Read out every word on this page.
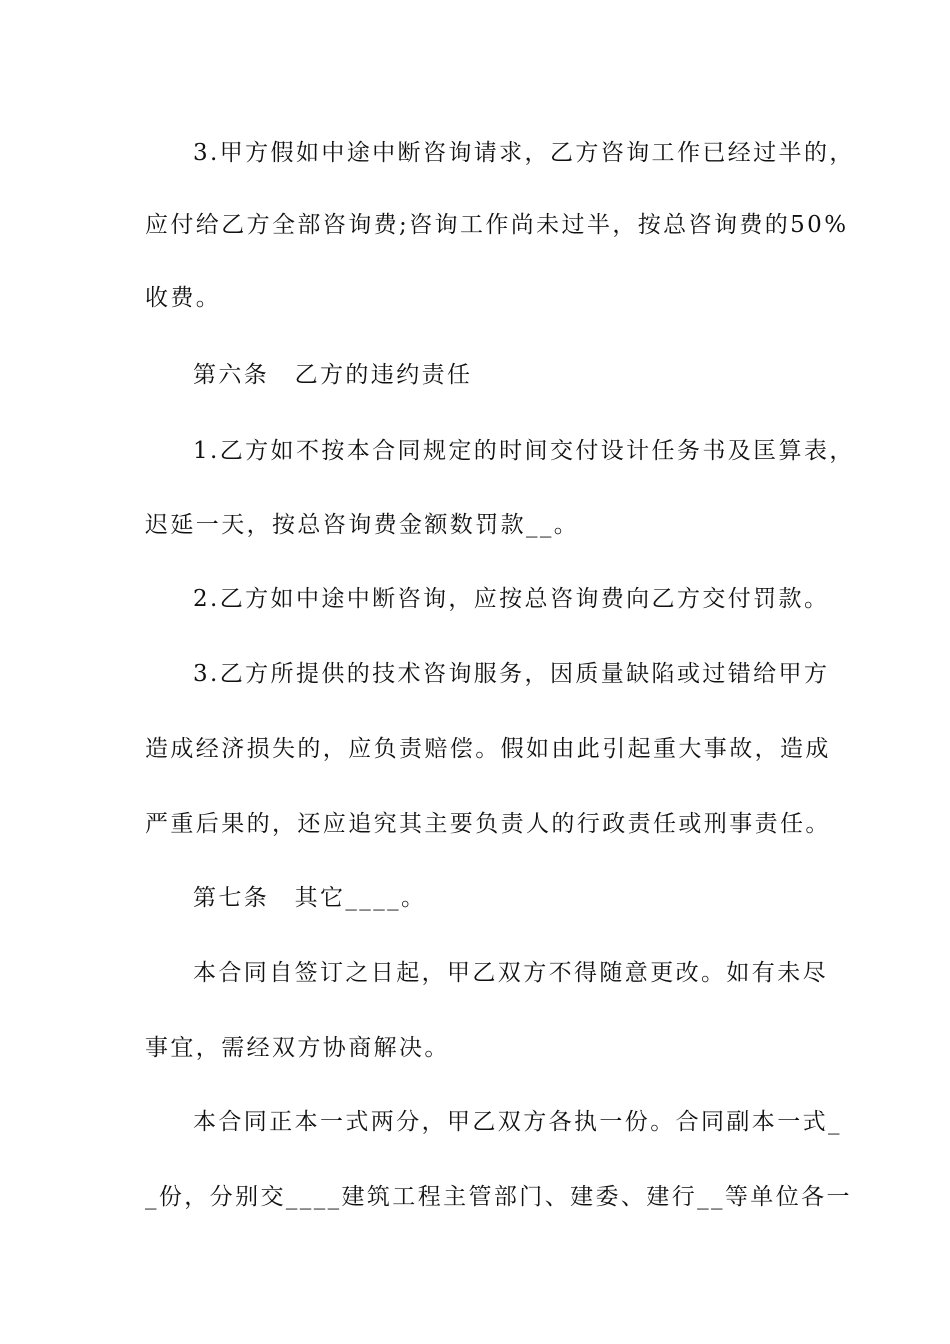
3.甲方假如中途中断咨询请求，乙方咨询工作已经过半的，
应付给乙方全部咨询费;咨询工作尚未过半，按总咨询费的50%
收费。
第六条　乙方的违约责任
1.乙方如不按本合同规定的时间交付设计任务书及匡算表，
迟延一天，按总咨询费金额数罚款__。
2.乙方如中途中断咨询，应按总咨询费向乙方交付罚款。
3.乙方所提供的技术咨询服务，因质量缺陷或过错给甲方
造成经济损失的，应负责赔偿。假如由此引起重大事故，造成
严重后果的，还应追究其主要负责人的行政责任或刑事责任。
第七条　其它____。
本合同自签订之日起，甲乙双方不得随意更改。如有未尽
事宜，需经双方协商解决。
本合同正本一式两分，甲乙双方各执一份。合同副本一式_
_份，分别交____建筑工程主管部门、建委、建行__等单位各一
